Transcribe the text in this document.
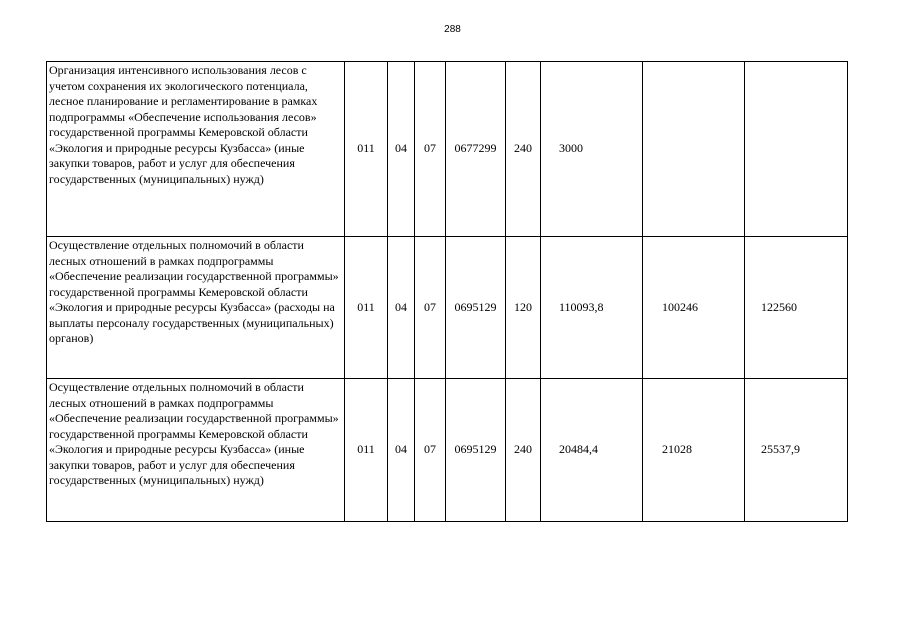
288
Организация интенсивного использования лесов с учетом сохранения их экологического потенциала, лесное планирование и регламентирование в рамках подпрограммы «Обеспечение использования лесов» государственной программы Кемеровской области «Экология и природные ресурсы Кузбасса» (иные закупки товаров, работ и услуг для обеспечения государственных (муниципальных) нужд)	011	04	07	0677299	240	3000		
Осуществление отдельных полномочий в области лесных отношений в рамках подпрограммы «Обеспечение реализации государственной программы» государственной программы Кемеровской области «Экология и природные ресурсы Кузбасса» (расходы на выплаты персоналу государственных (муниципальных) органов)	011	04	07	0695129	120	110093,8	100246	122560
Осуществление отдельных полномочий в области лесных отношений в рамках подпрограммы «Обеспечение реализации государственной программы» государственной программы Кемеровской области «Экология и природные ресурсы Кузбасса» (иные закупки товаров, работ и услуг для обеспечения государственных (муниципальных) нужд)	011	04	07	0695129	240	20484,4	21028	25537,9
